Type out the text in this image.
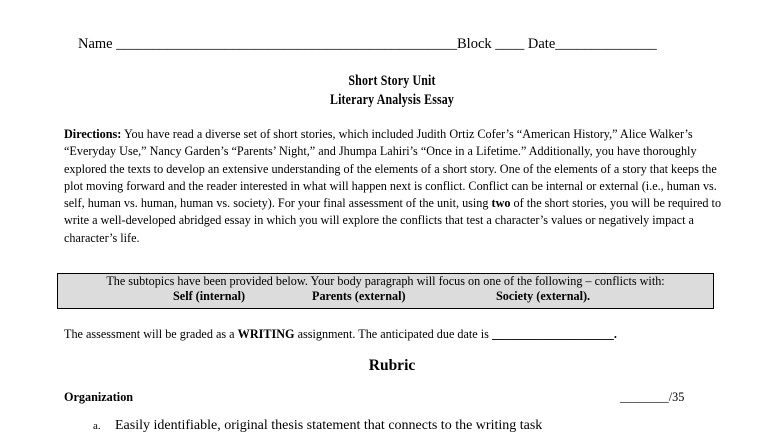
Name _______________________________________________Block ____ Date______________
Short Story Unit
Literary Analysis Essay
Directions: You have read a diverse set of short stories, which included Judith Ortiz Cofer’s “American History,” Alice Walker’s “Everyday Use,” Nancy Garden’s “Parents’ Night,” and Jhumpa Lahiri’s “Once in a Lifetime.” Additionally, you have thoroughly explored the texts to develop an extensive understanding of the elements of a short story. One of the elements of a story that keeps the plot moving forward and the reader interested in what will happen next is conflict. Conflict can be internal or external (i.e., human vs. self, human vs. human, human vs. society). For your final assessment of the unit, using two of the short stories, you will be required to write a well-developed abridged essay in which you will explore the conflicts that test a character’s values or negatively impact a character’s life.
The subtopics have been provided below. Your body paragraph will focus on one of the following – conflicts with:
Self (internal)	Parents (external)	Society (external).
The assessment will be graded as a WRITING assignment. The anticipated due date is ____________________.
Rubric
Organization	________/35
a. Easily identifiable, original thesis statement that connects to the writing task
